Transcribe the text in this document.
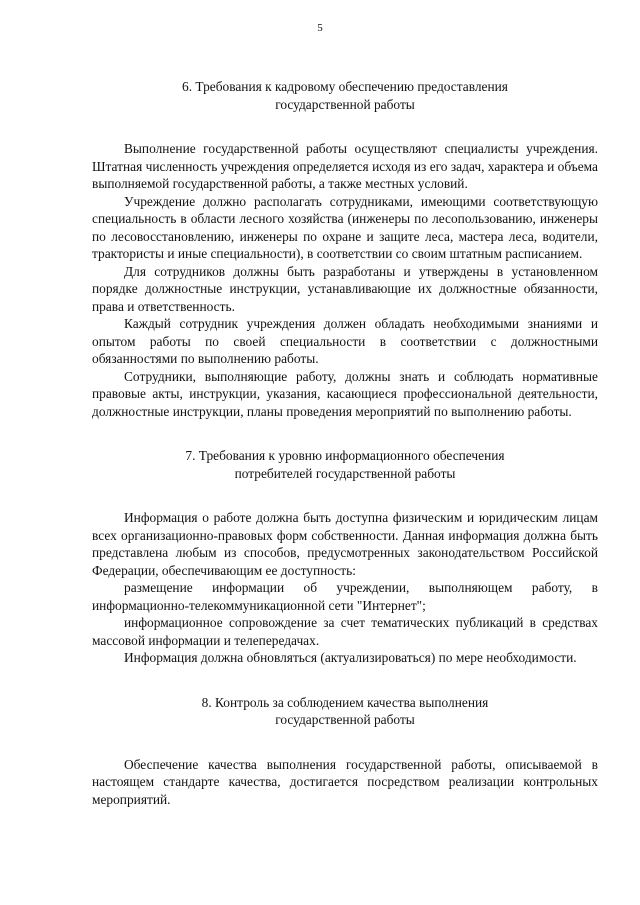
5
6. Требования к кадровому обеспечению предоставления
государственной работы

Выполнение государственной работы осуществляют специалисты учреждения. Штатная численность учреждения определяется исходя из его задач, характера и объема выполняемой государственной работы, а также местных условий.

Учреждение должно располагать сотрудниками, имеющими соответствующую специальность в области лесного хозяйства (инженеры по лесопользованию, инженеры по лесовосстановлению, инженеры по охране и защите леса, мастера леса, водители, трактористы и иные специальности), в соответствии со своим штатным расписанием.

Для сотрудников должны быть разработаны и утверждены в установленном порядке должностные инструкции, устанавливающие их должностные обязанности, права и ответственность.

Каждый сотрудник учреждения должен обладать необходимыми знаниями и опытом работы по своей специальности в соответствии с должностными обязанностями по выполнению работы.

Сотрудники, выполняющие работу, должны знать и соблюдать нормативные правовые акты, инструкции, указания, касающиеся профессиональной деятельности, должностные инструкции, планы проведения мероприятий по выполнению работы.

7. Требования к уровню информационного обеспечения
потребителей государственной работы

Информация о работе должна быть доступна физическим и юридическим лицам всех организационно-правовых форм собственности. Данная информация должна быть представлена любым из способов, предусмотренных законодательством Российской Федерации, обеспечивающим ее доступность:

размещение информации об учреждении, выполняющем работу, в информационно-телекоммуникационной сети "Интернет";

информационное сопровождение за счет тематических публикаций в средствах массовой информации и телепередачах.

Информация должна обновляться (актуализироваться) по мере необходимости.

8. Контроль за соблюдением качества выполнения
государственной работы

Обеспечение качества выполнения государственной работы, описываемой в настоящем стандарте качества, достигается посредством реализации контрольных мероприятий.
